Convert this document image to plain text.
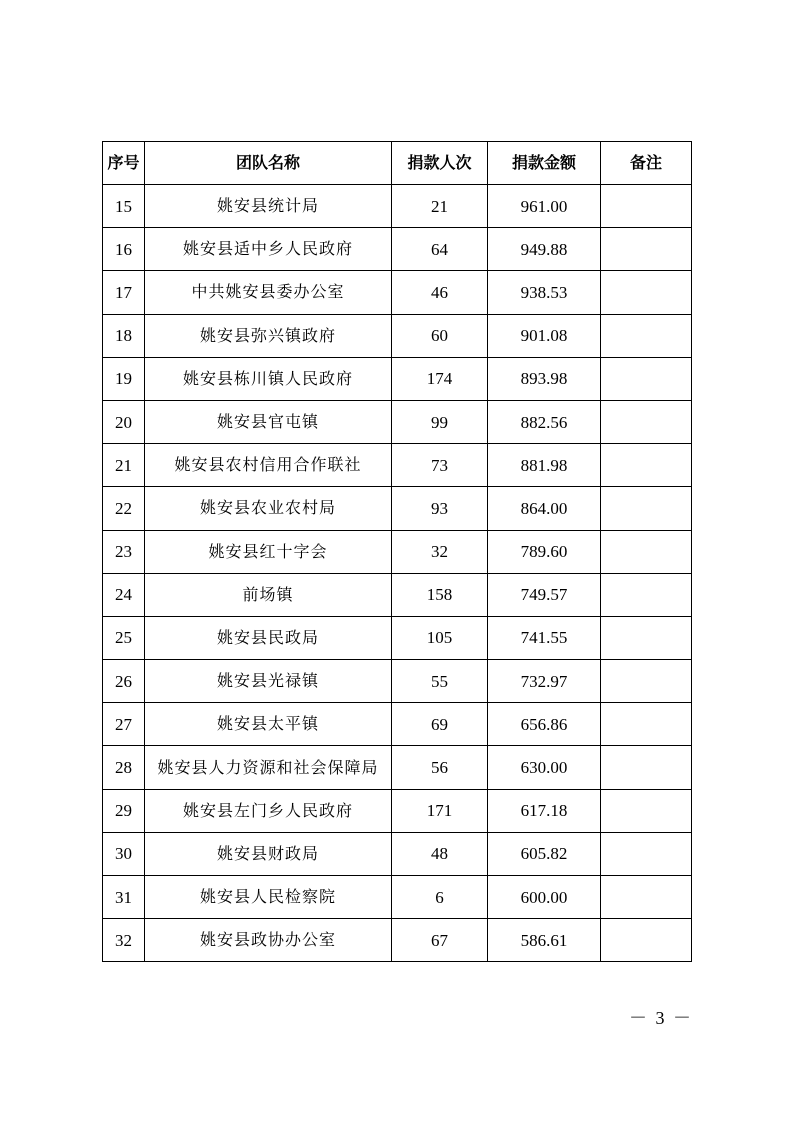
序号	团队名称	捐款人次	捐款金额	备注
15	姚安县统计局	21	961.00	
16	姚安县适中乡人民政府	64	949.88	
17	中共姚安县委办公室	46	938.53	
18	姚安县弥兴镇政府	60	901.08	
19	姚安县栋川镇人民政府	174	893.98	
20	姚安县官屯镇	99	882.56	
21	姚安县农村信用合作联社	73	881.98	
22	姚安县农业农村局	93	864.00	
23	姚安县红十字会	32	789.60	
24	前场镇	158	749.57	
25	姚安县民政局	105	741.55	
26	姚安县光禄镇	55	732.97	
27	姚安县太平镇	69	656.86	
28	姚安县人力资源和社会保障局	56	630.00	
29	姚安县左门乡人民政府	171	617.18	
30	姚安县财政局	48	605.82	
31	姚安县人民检察院	6	600.00	
32	姚安县政协办公室	67	586.61	
－ 3 －
